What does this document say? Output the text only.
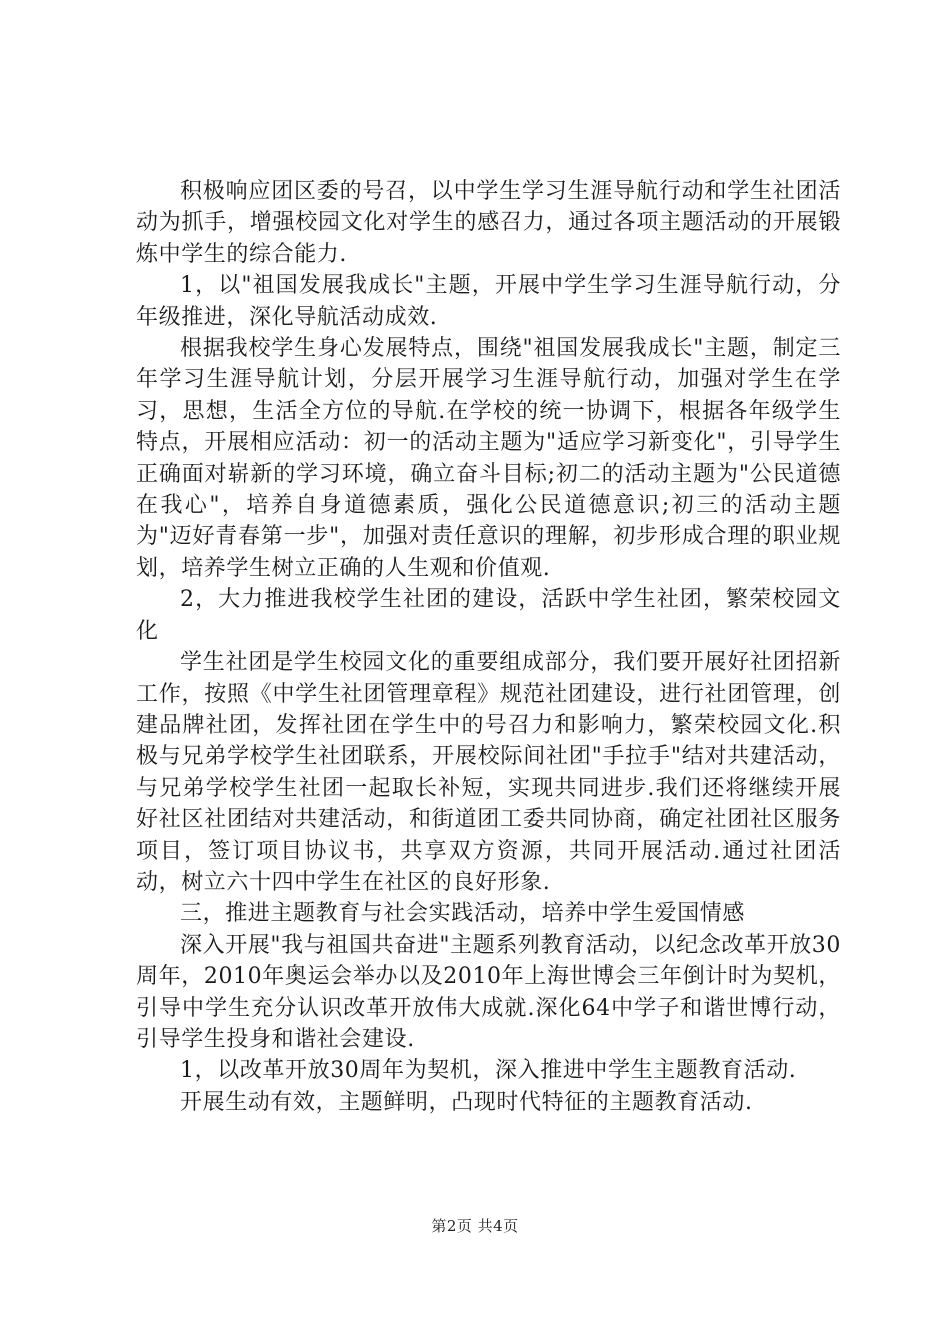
积极响应团区委的号召，以中学生学习生涯导航行动和学生社团活动为抓手，增强校园文化对学生的感召力，通过各项主题活动的开展锻炼中学生的综合能力.

1，以"祖国发展我成长"主题，开展中学生学习生涯导航行动，分年级推进，深化导航活动成效.

根据我校学生身心发展特点，围绕"祖国发展我成长"主题，制定三年学习生涯导航计划，分层开展学习生涯导航行动，加强对学生在学习，思想，生活全方位的导航.在学校的统一协调下，根据各年级学生特点，开展相应活动：初一的活动主题为"适应学习新变化"，引导学生正确面对崭新的学习环境，确立奋斗目标;初二的活动主题为"公民道德在我心"，培养自身道德素质，强化公民道德意识;初三的活动主题为"迈好青春第一步"，加强对责任意识的理解，初步形成合理的职业规划，培养学生树立正确的人生观和价值观.

2，大力推进我校学生社团的建设，活跃中学生社团，繁荣校园文化

学生社团是学生校园文化的重要组成部分，我们要开展好社团招新工作，按照《中学生社团管理章程》规范社团建设，进行社团管理，创建品牌社团，发挥社团在学生中的号召力和影响力，繁荣校园文化.积极与兄弟学校学生社团联系，开展校际间社团"手拉手"结对共建活动，与兄弟学校学生社团一起取长补短，实现共同进步.我们还将继续开展好社区社团结对共建活动，和街道团工委共同协商，确定社团社区服务项目，签订项目协议书，共享双方资源，共同开展活动.通过社团活动，树立六十四中学生在社区的良好形象.

三，推进主题教育与社会实践活动，培养中学生爱国情感

深入开展"我与祖国共奋进"主题系列教育活动，以纪念改革开放30周年，2010年奥运会举办以及2010年上海世博会三年倒计时为契机，引导中学生充分认识改革开放伟大成就.深化64中学子和谐世博行动，引导学生投身和谐社会建设.

1，以改革开放30周年为契机，深入推进中学生主题教育活动.

开展生动有效，主题鲜明，凸现时代特征的主题教育活动.

第2页 共4页
